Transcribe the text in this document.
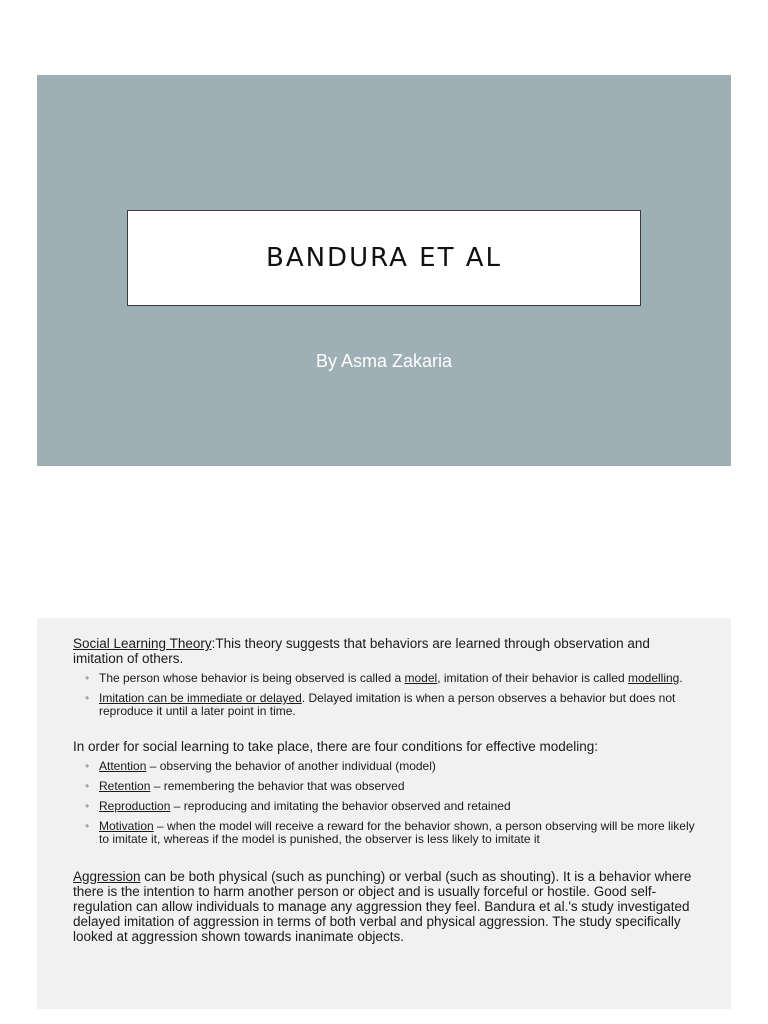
BANDURA ET AL
By Asma Zakaria

Social Learning Theory:This theory suggests that behaviors are learned through observation and imitation of others.

• The person whose behavior is being observed is called a model, imitation of their behavior is called modelling.
• Imitation can be immediate or delayed. Delayed imitation is when a person observes a behavior but does not reproduce it until a later point in time.

In order for social learning to take place, there are four conditions for effective modeling:

• Attention – observing the behavior of another individual (model)
• Retention – remembering the behavior that was observed
• Reproduction – reproducing and imitating the behavior observed and retained
• Motivation – when the model will receive a reward for the behavior shown, a person observing will be more likely to imitate it, whereas if the model is punished, the observer is less likely to imitate it

Aggression can be both physical (such as punching) or verbal (such as shouting). It is a behavior where there is the intention to harm another person or object and is usually forceful or hostile. Good self-regulation can allow individuals to manage any aggression they feel. Bandura et al.'s study investigated delayed imitation of aggression in terms of both verbal and physical aggression. The study specifically looked at aggression shown towards inanimate objects.
